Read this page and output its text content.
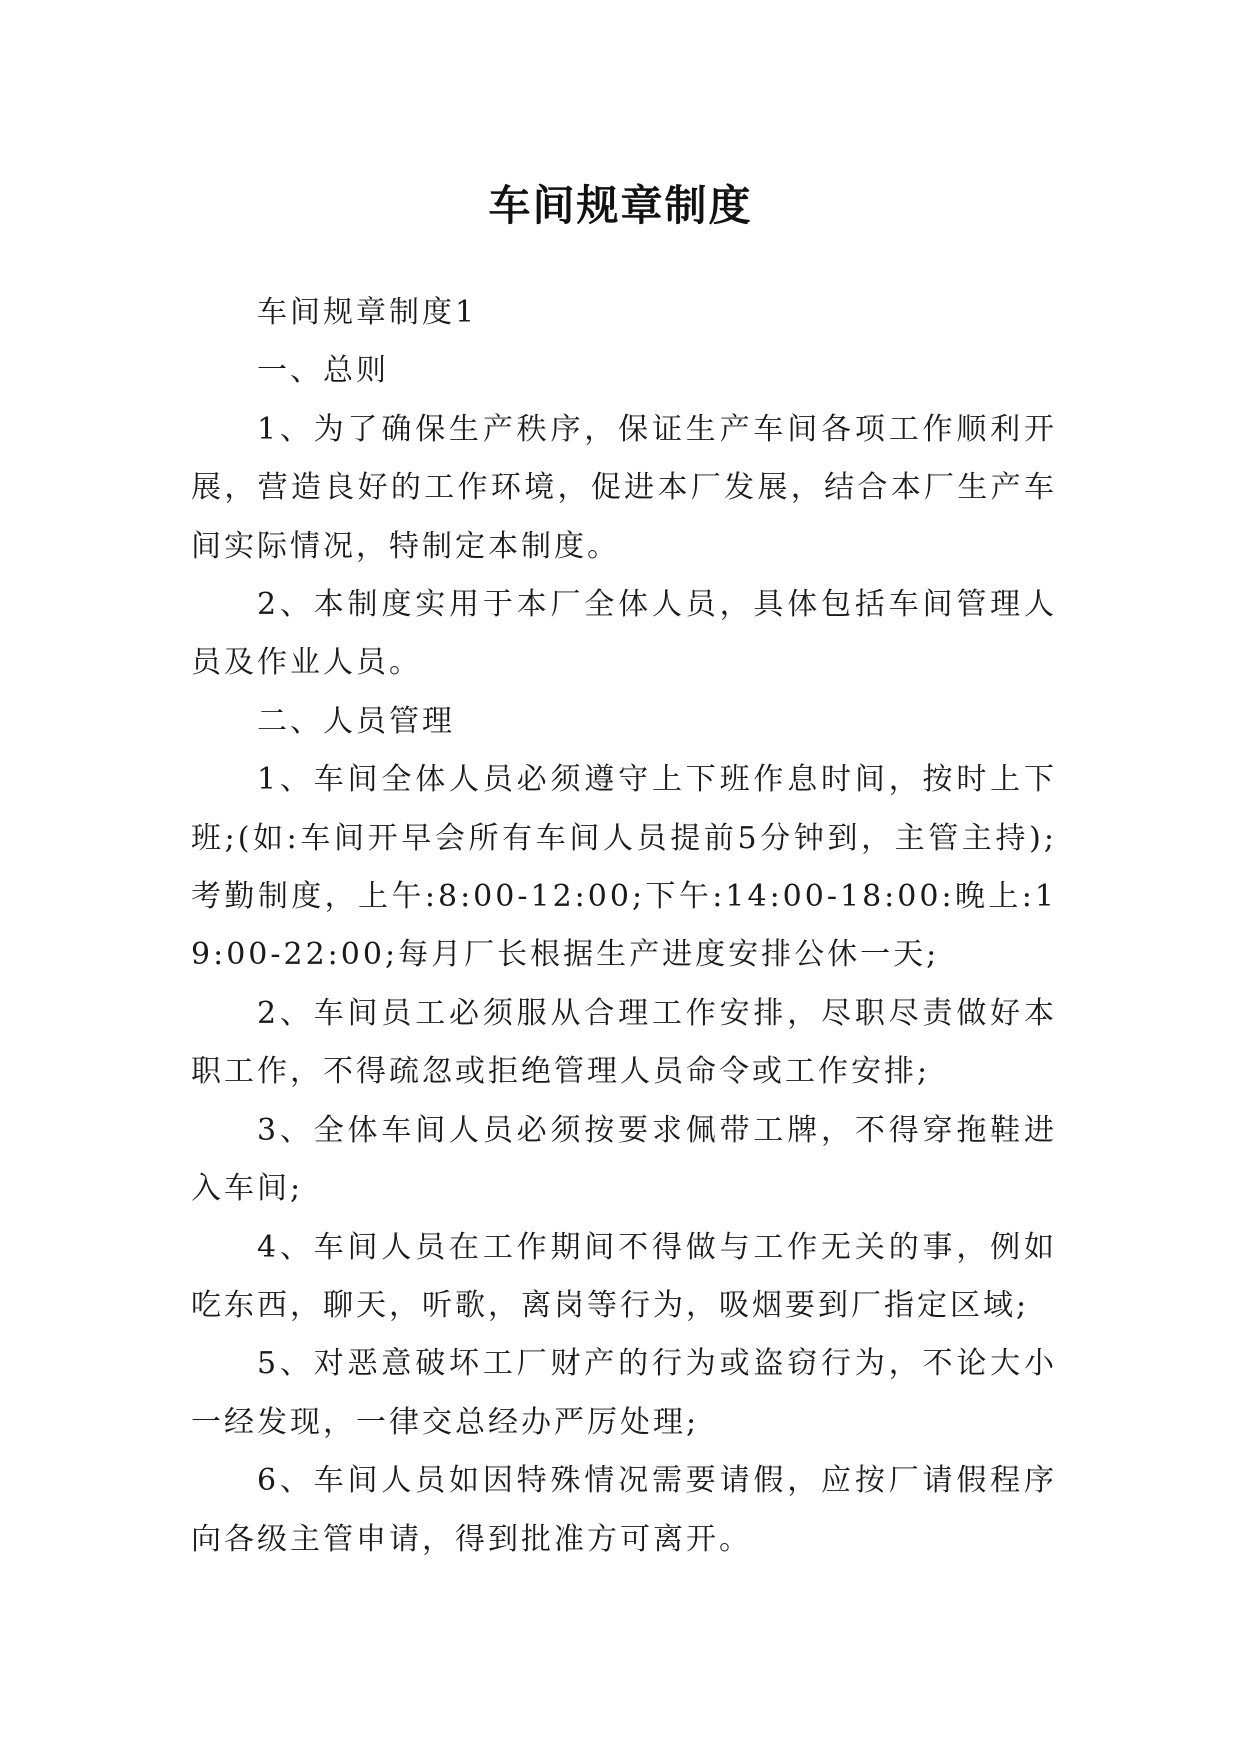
车间规章制度

车间规章制度1

一、总则

1、为了确保生产秩序，保证生产车间各项工作顺利开展，营造良好的工作环境，促进本厂发展，结合本厂生产车间实际情况，特制定本制度。

2、本制度实用于本厂全体人员，具体包括车间管理人员及作业人员。

二、人员管理

1、车间全体人员必须遵守上下班作息时间，按时上下班;(如:车间开早会所有车间人员提前5分钟到，主管主持);考勤制度，上午:8:00-12:00;下午:14:00-18:00:晚上:19:00-22:00;每月厂长根据生产进度安排公休一天;

2、车间员工必须服从合理工作安排，尽职尽责做好本职工作，不得疏忽或拒绝管理人员命令或工作安排;

3、全体车间人员必须按要求佩带工牌，不得穿拖鞋进入车间;

4、车间人员在工作期间不得做与工作无关的事，例如吃东西，聊天，听歌，离岗等行为，吸烟要到厂指定区域;

5、对恶意破坏工厂财产的行为或盗窃行为，不论大小一经发现，一律交总经办严厉处理;

6、车间人员如因特殊情况需要请假，应按厂请假程序向各级主管申请，得到批准方可离开。
